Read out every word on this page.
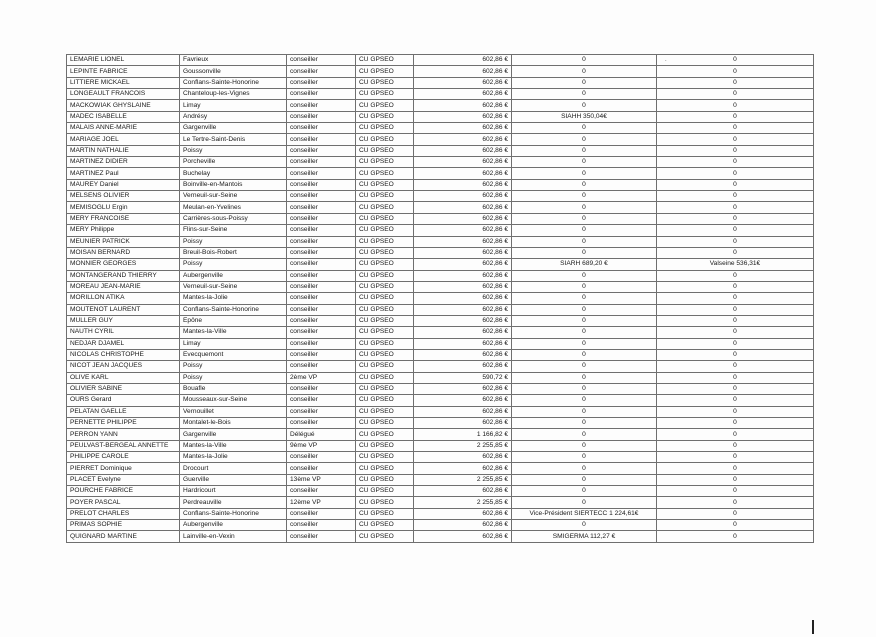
LEMARIE LIONEL	Favrieux	conseiller	CU GPSEO	602,86 €	0	0
LEPINTE FABRICE	Goussonville	conseiller	CU GPSEO	602,86 €	0	0
LITTIERE MICKAEL	Conflans-Sainte-Honorine	conseiller	CU GPSEO	602,86 €	0	0
LONGEAULT FRANCOIS	Chanteloup-les-Vignes	conseiller	CU GPSEO	602,86 €	0	0
MACKOWIAK GHYSLAINE	Limay	conseiller	CU GPSEO	602,86 €	0	0
MADEC ISABELLE	Andrésy	conseiller	CU GPSEO	602,86 €	SIAHH 350,04€	0
MALAIS ANNE-MARIE	Gargenville	conseiller	CU GPSEO	602,86 €	0	0
MARIAGE JOEL	Le Tertre-Saint-Denis	conseiller	CU GPSEO	602,86 €	0	0
MARTIN NATHALIE	Poissy	conseiller	CU GPSEO	602,86 €	0	0
MARTINEZ DIDIER	Porcheville	conseiller	CU GPSEO	602,86 €	0	0
MARTINEZ Paul	Buchelay	conseiller	CU GPSEO	602,86 €	0	0
MAUREY Daniel	Boinville-en-Mantois	conseiller	CU GPSEO	602,86 €	0	0
MELSENS OLIVIER	Verneuil-sur-Seine	conseiller	CU GPSEO	602,86 €	0	0
MEMISOGLU Ergin	Meulan-en-Yvelines	conseiller	CU GPSEO	602,86 €	0	0
MERY FRANCOISE	Carrières-sous-Poissy	conseiller	CU GPSEO	602,86 €	0	0
MERY Philippe	Flins-sur-Seine	conseiller	CU GPSEO	602,86 €	0	0
MEUNIER PATRICK	Poissy	conseiller	CU GPSEO	602,86 €	0	0
MOISAN BERNARD	Breuil-Bois-Robert	conseiller	CU GPSEO	602,86 €	0	0
MONNIER GEORGES	Poissy	conseiller	CU GPSEO	602,86 €	SIARH 689,20 €	Valseine 536,31€
MONTANGERAND THIERRY	Aubergenville	conseiller	CU GPSEO	602,86 €	0	0
MOREAU JEAN-MARIE	Verneuil-sur-Seine	conseiller	CU GPSEO	602,86 €	0	0
MORILLON ATIKA	Mantes-la-Jolie	conseiller	CU GPSEO	602,86 €	0	0
MOUTENOT LAURENT	Conflans-Sainte-Honorine	conseiller	CU GPSEO	602,86 €	0	0
MULLER GUY	Epône	conseiller	CU GPSEO	602,86 €	0	0
NAUTH CYRIL	Mantes-la-Ville	conseiller	CU GPSEO	602,86 €	0	0
NEDJAR DJAMEL	Limay	conseiller	CU GPSEO	602,86 €	0	0
NICOLAS CHRISTOPHE	Evecquemont	conseiller	CU GPSEO	602,86 €	0	0
NICOT JEAN JACQUES	Poissy	conseiller	CU GPSEO	602,86 €	0	0
OLIVE KARL	Poissy	2ème VP	CU GPSEO	590,72 €	0	0
OLIVIER SABINE	Bouafle	conseiller	CU GPSEO	602,86 €	0	0
OURS Gerard	Mousseaux-sur-Seine	conseiller	CU GPSEO	602,86 €	0	0
PELATAN GAELLE	Vernouillet	conseiller	CU GPSEO	602,86 €	0	0
PERNETTE PHILIPPE	Montalet-le-Bois	conseiller	CU GPSEO	602,86 €	0	0
PERRON YANN	Gargenville	Délégué	CU GPSEO	1 166,82 €	0	0
PEULVAST-BERGEAL ANNETTE	Mantes-la-Ville	9ème VP	CU GPSEO	2 255,85 €	0	0
PHILIPPE CAROLE	Mantes-la-Jolie	conseiller	CU GPSEO	602,86 €	0	0
PIERRET Dominique	Drocourt	conseiller	CU GPSEO	602,86 €	0	0
PLACET Evelyne	Guerville	13ème VP	CU GPSEO	2 255,85 €	0	0
POURCHE FABRICE	Hardricourt	conseiller	CU GPSEO	602,86 €	0	0
POYER PASCAL	Perdreauville	12ème VP	CU GPSEO	2 255,85 €	0	0
PRELOT CHARLES	Conflans-Sainte-Honorine	conseiller	CU GPSEO	602,86 €	Vice-Président SIERTECC 1 224,61€	0
PRIMAS SOPHIE	Aubergenville	conseiller	CU GPSEO	602,86 €	0	0
QUIGNARD MARTINE	Lainville-en-Vexin	conseiller	CU GPSEO	602,86 €	SMIGERMA 112,27 €	0
.
